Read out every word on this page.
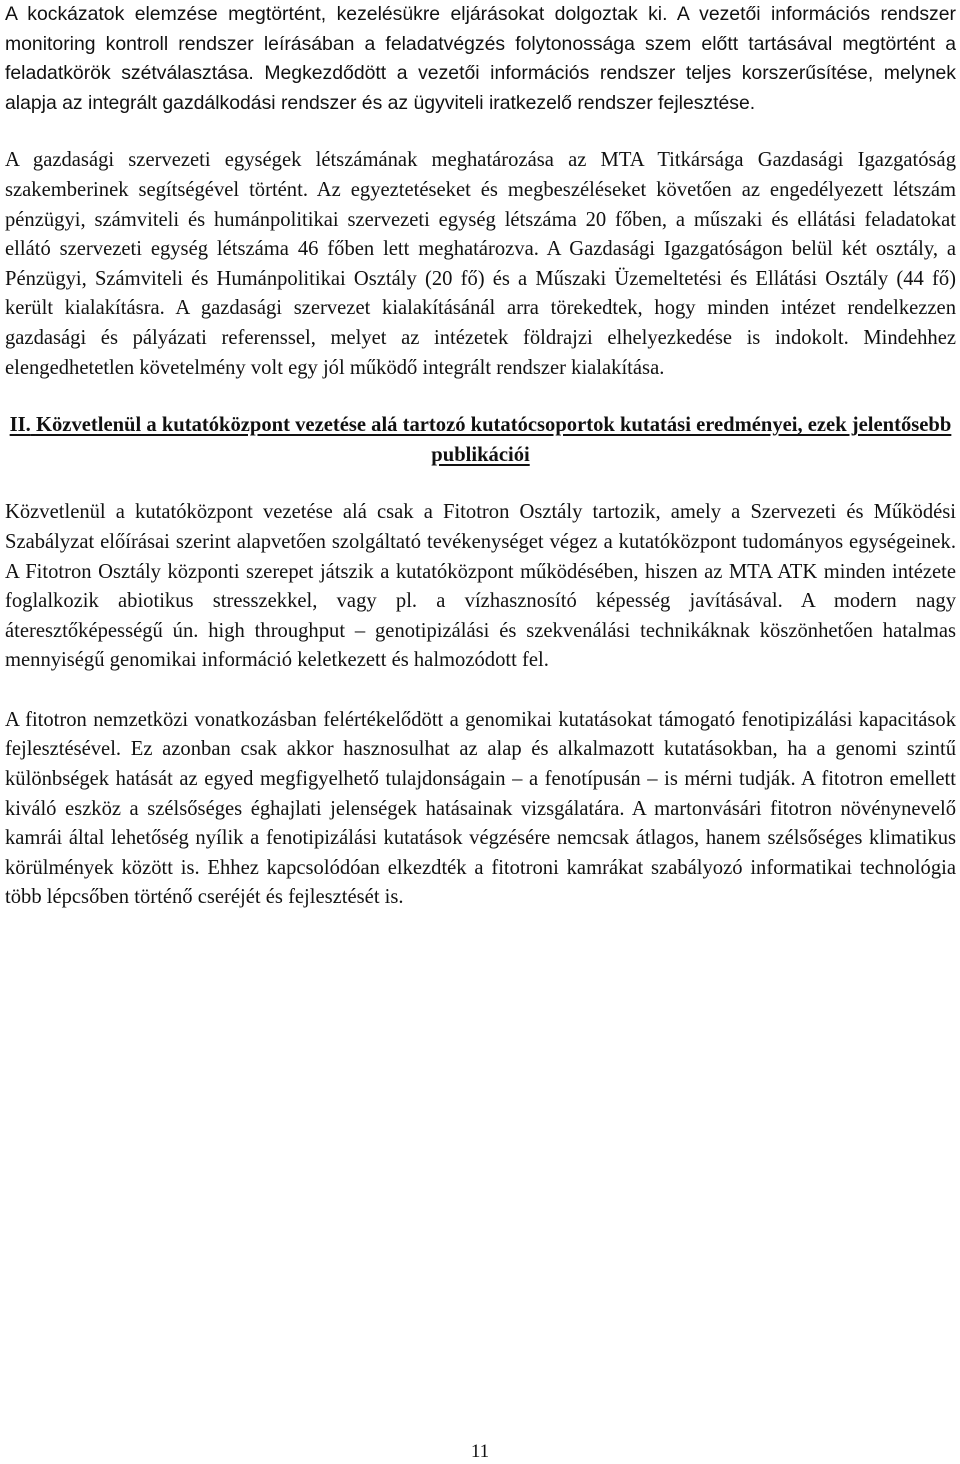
A kockázatok elemzése megtörtént, kezelésükre eljárásokat dolgoztak ki. A vezetői információs rendszer monitoring kontroll rendszer leírásában a feladatvégzés folytonossága szem előtt tartásával megtörtént a feladatkörök szétválasztása. Megkezdődött a vezetői információs rendszer teljes korszerűsítése, melynek alapja az integrált gazdálkodási rendszer és az ügyviteli iratkezelő rendszer fejlesztése.

A gazdasági szervezeti egységek létszámának meghatározása az MTA Titkársága Gazdasági Igazgatóság szakemberinek segítségével történt. Az egyeztetéseket és megbeszéléseket követően az engedélyezett létszám pénzügyi, számviteli és humánpolitikai szervezeti egység létszáma 20 főben, a műszaki és ellátási feladatokat ellátó szervezeti egység létszáma 46 főben lett meghatározva. A Gazdasági Igazgatóságon belül két osztály, a Pénzügyi, Számviteli és Humánpolitikai Osztály (20 fő) és a Műszaki Üzemeltetési és Ellátási Osztály (44 fő) került kialakításra. A gazdasági szervezet kialakításánál arra törekedtek, hogy minden intézet rendelkezzen gazdasági és pályázati referenssel, melyet az intézetek földrajzi elhelyezkedése is indokolt. Mindehhez elengedhetetlen követelmény volt egy jól működő integrált rendszer kialakítása.

II. Közvetlenül a kutatóközpont vezetése alá tartozó kutatócsoportok kutatási eredményei, ezek jelentősebb publikációi

Közvetlenül a kutatóközpont vezetése alá csak a Fitotron Osztály tartozik, amely a Szervezeti és Működési Szabályzat előírásai szerint alapvetően szolgáltató tevékenységet végez a kutatóközpont tudományos egységeinek. A Fitotron Osztály központi szerepet játszik a kutatóközpont működésében, hiszen az MTA ATK minden intézete foglalkozik abiotikus stresszekkel, vagy pl. a vízhasznosító képesség javításával. A modern nagy áteresztőképességű ún. high throughput – genotipizálási és szekvenálási technikáknak köszönhetően hatalmas mennyiségű genomikai információ keletkezett és halmozódott fel.

A fitotron nemzetközi vonatkozásban felértékelődött a genomikai kutatásokat támogató fenotipizálási kapacitások fejlesztésével. Ez azonban csak akkor hasznosulhat az alap és alkalmazott kutatásokban, ha a genomi szintű különbségek hatását az egyed megfigyelhető tulajdonságain – a fenotípusán – is mérni tudják. A fitotron emellett kiváló eszköz a szélsőséges éghajlati jelenségek hatásainak vizsgálatára. A martonvásári fitotron növénynevelő kamrái által lehetőség nyílik a fenotipizálási kutatások végzésére nemcsak átlagos, hanem szélsőséges klimatikus körülmények között is. Ehhez kapcsolódóan elkezdték a fitotroni kamrákat szabályozó informatikai technológia több lépcsőben történő cseréjét és fejlesztését is.

11
